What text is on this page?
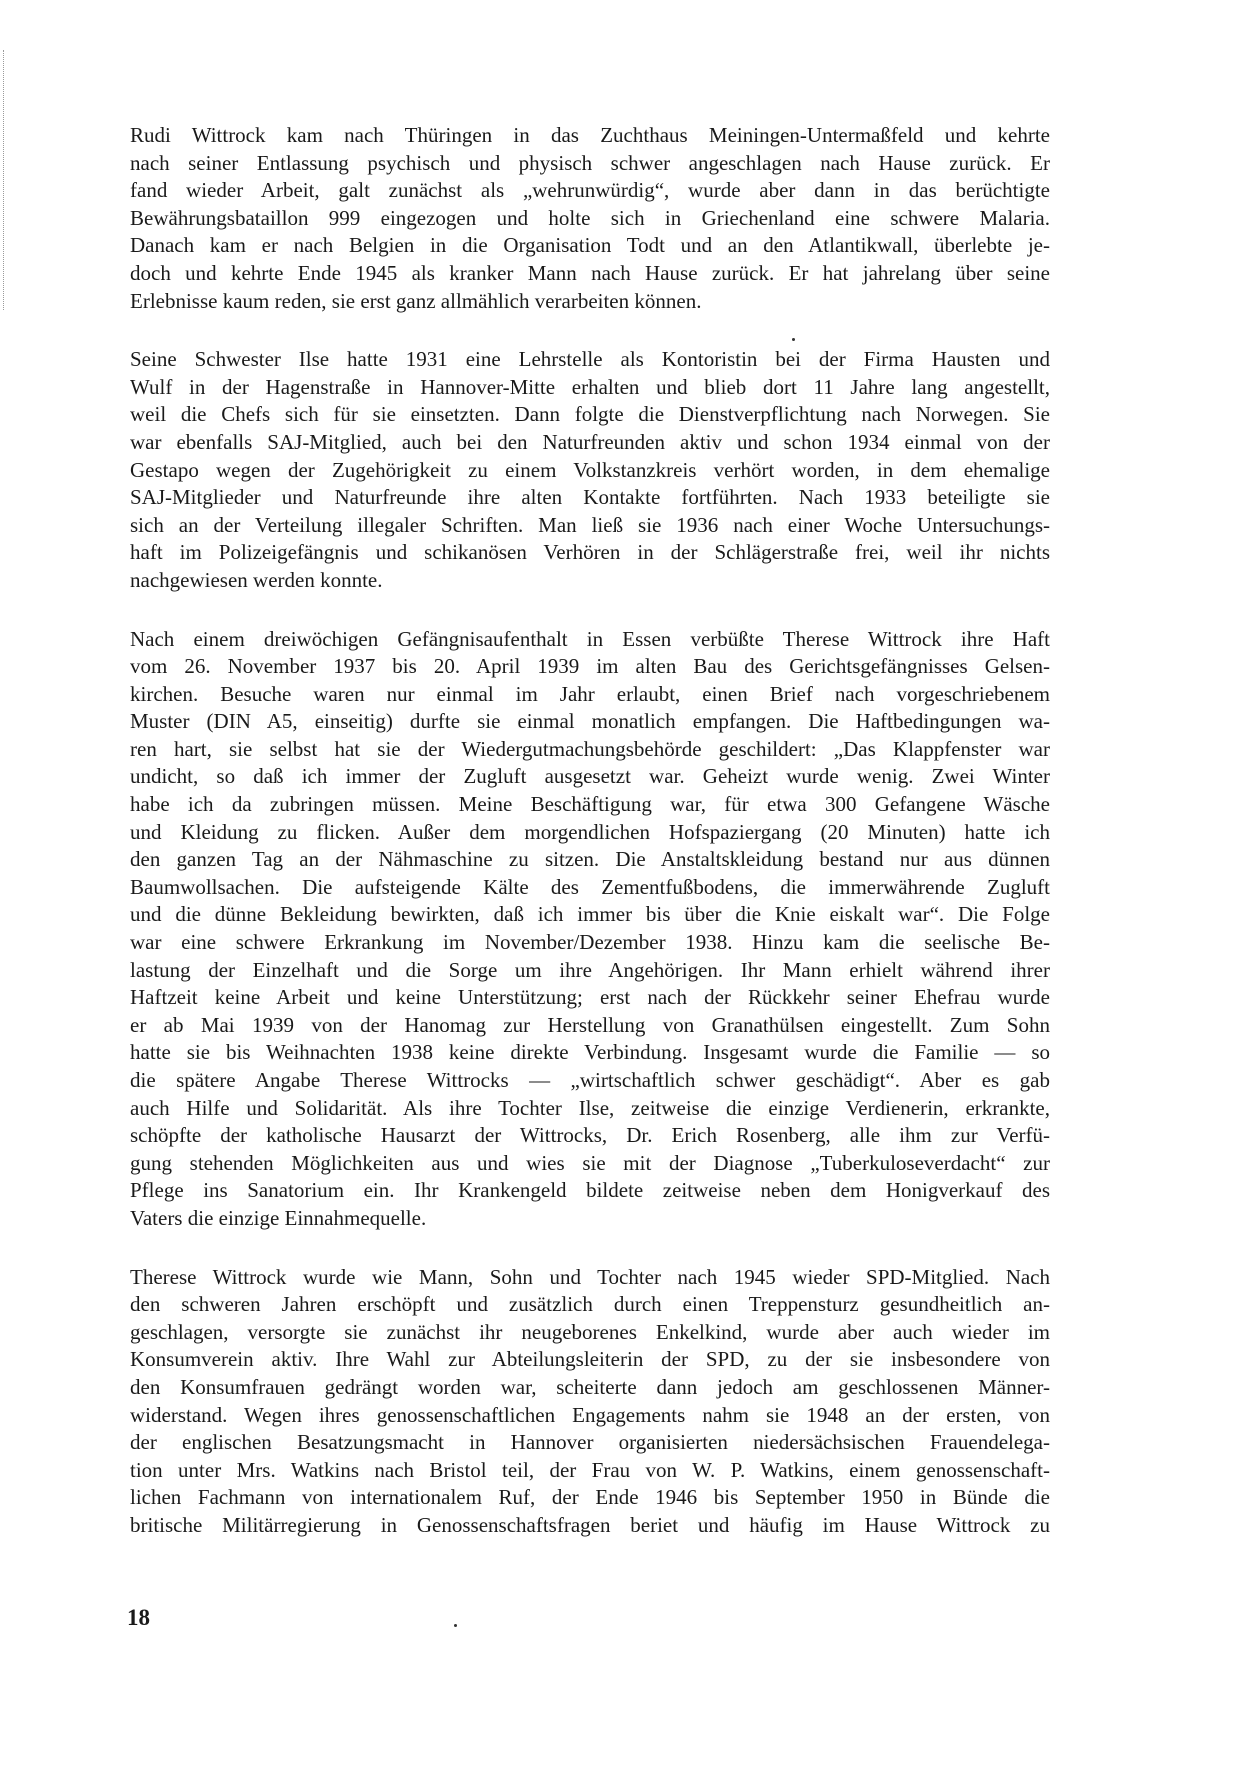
Rudi Wittrock kam nach Thüringen in das Zuchthaus Meiningen-Untermaßfeld und kehrte
nach seiner Entlassung psychisch und physisch schwer angeschlagen nach Hause zurück. Er
fand wieder Arbeit, galt zunächst als „wehrunwürdig“, wurde aber dann in das berüchtigte
Bewährungsbataillon 999 eingezogen und holte sich in Griechenland eine schwere Malaria.
Danach kam er nach Belgien in die Organisation Todt und an den Atlantikwall, überlebte je-
doch und kehrte Ende 1945 als kranker Mann nach Hause zurück. Er hat jahrelang über seine
Erlebnisse kaum reden, sie erst ganz allmählich verarbeiten können.
Seine Schwester Ilse hatte 1931 eine Lehrstelle als Kontoristin bei der Firma Hausten und
Wulf in der Hagenstraße in Hannover-Mitte erhalten und blieb dort 11 Jahre lang angestellt,
weil die Chefs sich für sie einsetzten. Dann folgte die Dienstverpflichtung nach Norwegen. Sie
war ebenfalls SAJ-Mitglied, auch bei den Naturfreunden aktiv und schon 1934 einmal von der
Gestapo wegen der Zugehörigkeit zu einem Volkstanzkreis verhört worden, in dem ehemalige
SAJ-Mitglieder und Naturfreunde ihre alten Kontakte fortführten. Nach 1933 beteiligte sie
sich an der Verteilung illegaler Schriften. Man ließ sie 1936 nach einer Woche Untersuchungs-
haft im Polizeigefängnis und schikanösen Verhören in der Schlägerstraße frei, weil ihr nichts
nachgewiesen werden konnte.
Nach einem dreiwöchigen Gefängnisaufenthalt in Essen verbüßte Therese Wittrock ihre Haft
vom 26. November 1937 bis 20. April 1939 im alten Bau des Gerichtsgefängnisses Gelsen-
kirchen. Besuche waren nur einmal im Jahr erlaubt, einen Brief nach vorgeschriebenem
Muster (DIN A5, einseitig) durfte sie einmal monatlich empfangen. Die Haftbedingungen wa-
ren hart, sie selbst hat sie der Wiedergutmachungsbehörde geschildert: „Das Klappfenster war
undicht, so daß ich immer der Zugluft ausgesetzt war. Geheizt wurde wenig. Zwei Winter
habe ich da zubringen müssen. Meine Beschäftigung war, für etwa 300 Gefangene Wäsche
und Kleidung zu flicken. Außer dem morgendlichen Hofspaziergang (20 Minuten) hatte ich
den ganzen Tag an der Nähmaschine zu sitzen. Die Anstaltskleidung bestand nur aus dünnen
Baumwollsachen. Die aufsteigende Kälte des Zementfußbodens, die immerwährende Zugluft
und die dünne Bekleidung bewirkten, daß ich immer bis über die Knie eiskalt war“. Die Folge
war eine schwere Erkrankung im November/Dezember 1938. Hinzu kam die seelische Be-
lastung der Einzelhaft und die Sorge um ihre Angehörigen. Ihr Mann erhielt während ihrer
Haftzeit keine Arbeit und keine Unterstützung; erst nach der Rückkehr seiner Ehefrau wurde
er ab Mai 1939 von der Hanomag zur Herstellung von Granathülsen eingestellt. Zum Sohn
hatte sie bis Weihnachten 1938 keine direkte Verbindung. Insgesamt wurde die Familie — so
die spätere Angabe Therese Wittrocks — „wirtschaftlich schwer geschädigt“. Aber es gab
auch Hilfe und Solidarität. Als ihre Tochter Ilse, zeitweise die einzige Verdienerin, erkrankte,
schöpfte der katholische Hausarzt der Wittrocks, Dr. Erich Rosenberg, alle ihm zur Verfü-
gung stehenden Möglichkeiten aus und wies sie mit der Diagnose „Tuberkuloseverdacht“ zur
Pflege ins Sanatorium ein. Ihr Krankengeld bildete zeitweise neben dem Honigverkauf des
Vaters die einzige Einnahmequelle.
Therese Wittrock wurde wie Mann, Sohn und Tochter nach 1945 wieder SPD-Mitglied. Nach
den schweren Jahren erschöpft und zusätzlich durch einen Treppensturz gesundheitlich an-
geschlagen, versorgte sie zunächst ihr neugeborenes Enkelkind, wurde aber auch wieder im
Konsumverein aktiv. Ihre Wahl zur Abteilungsleiterin der SPD, zu der sie insbesondere von
den Konsumfrauen gedrängt worden war, scheiterte dann jedoch am geschlossenen Männer-
widerstand. Wegen ihres genossenschaftlichen Engagements nahm sie 1948 an der ersten, von
der englischen Besatzungsmacht in Hannover organisierten niedersächsischen Frauendelega-
tion unter Mrs. Watkins nach Bristol teil, der Frau von W. P. Watkins, einem genossenschaft-
lichen Fachmann von internationalem Ruf, der Ende 1946 bis September 1950 in Bünde die
britische Militärregierung in Genossenschaftsfragen beriet und häufig im Hause Wittrock zu
18
